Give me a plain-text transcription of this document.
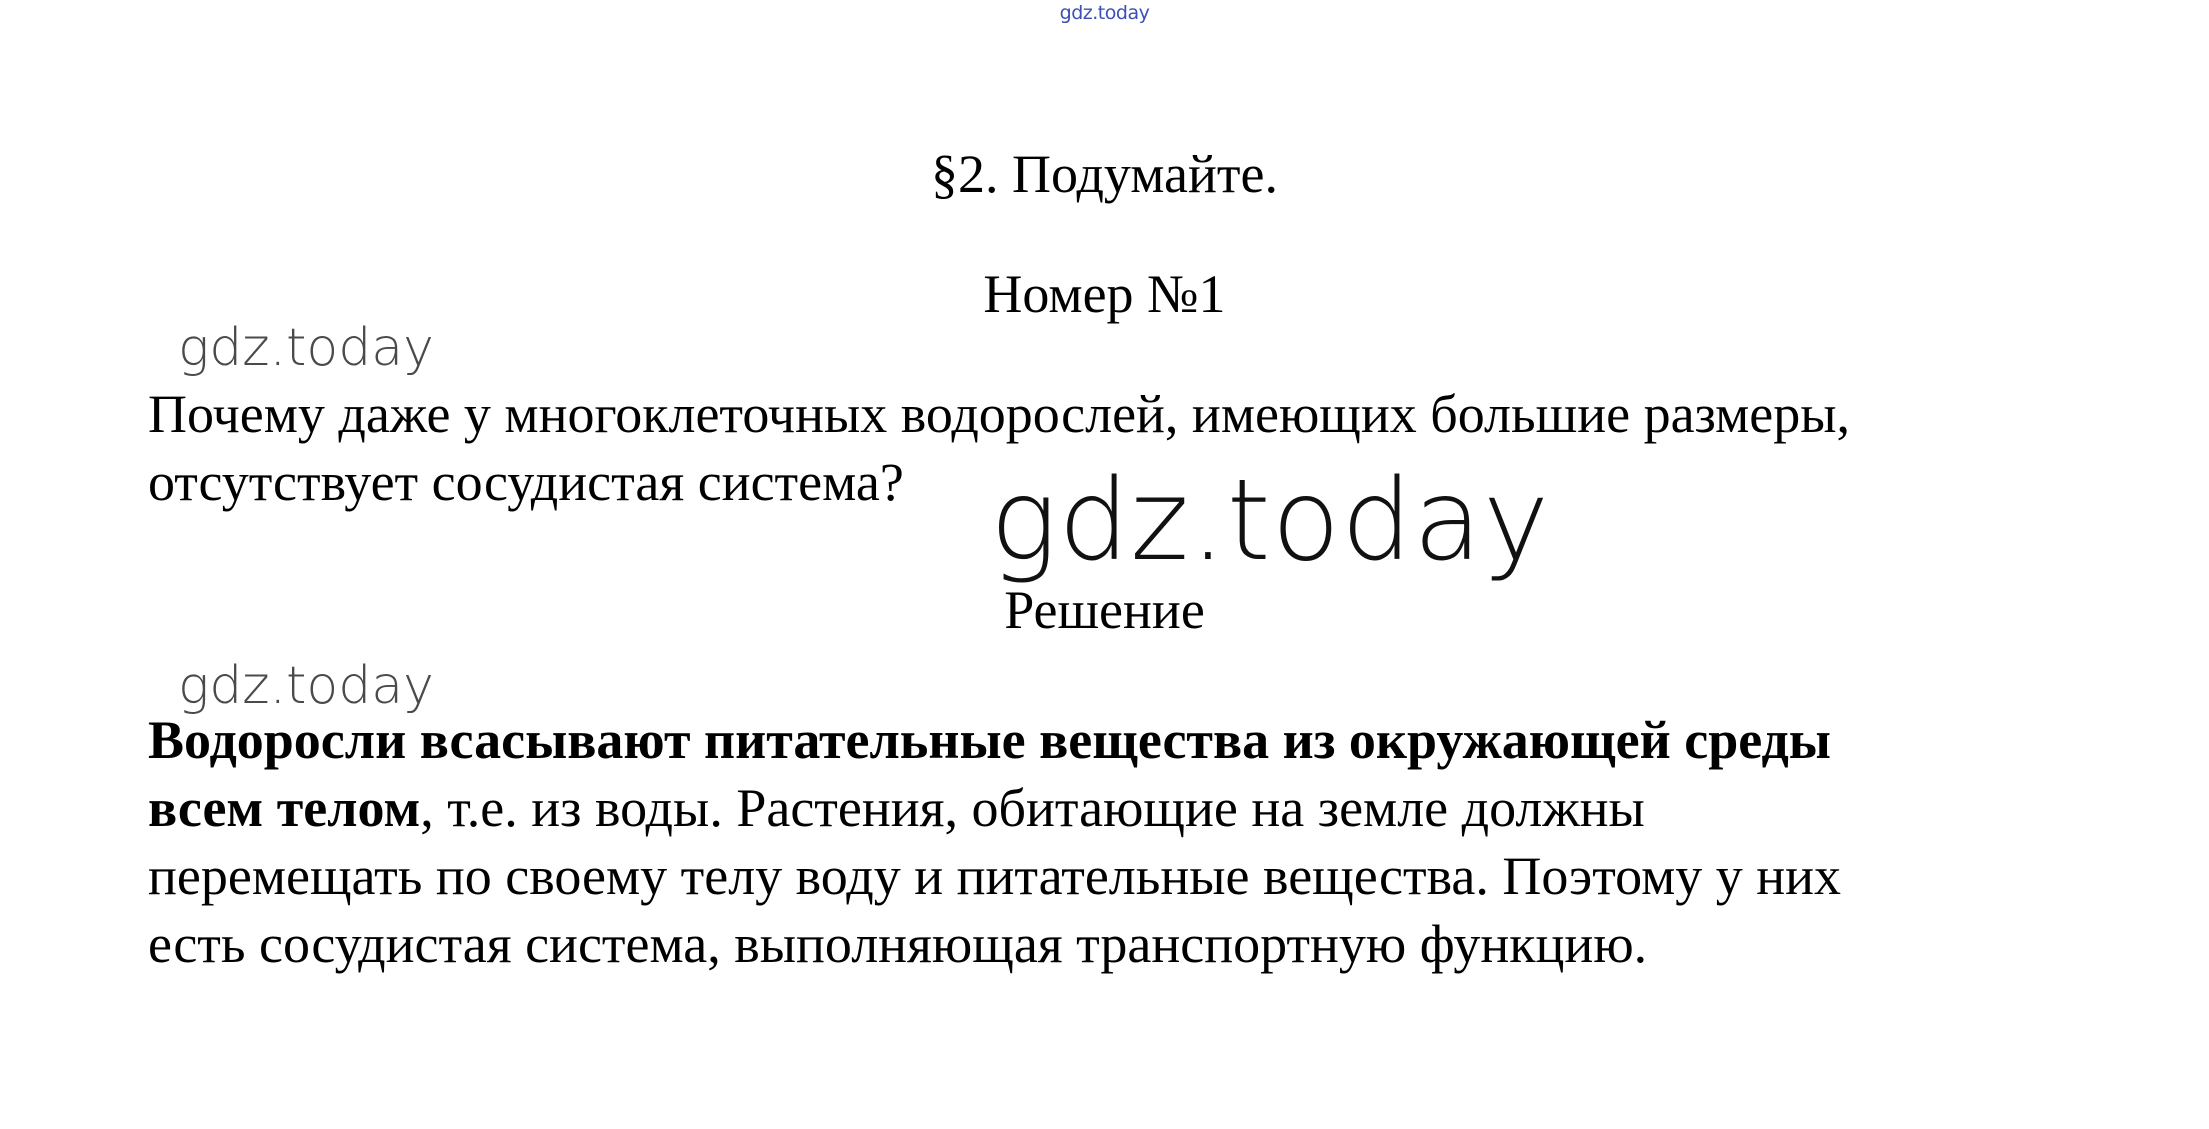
gdz.today
§2. Подумайте.
Номер №1
gdz.today
Почему даже у многоклеточных водорослей, имеющих большие размеры,
отсутствует сосудистая система? gdz.today
Решение
gdz.today
Водоросли всасывают питательные вещества из окружающей среды
всем телом, т.е. из воды. Растения, обитающие на земле должны
перемещать по своему телу воду и питательные вещества. Поэтому у них
есть сосудистая система, выполняющая транспортную функцию.
